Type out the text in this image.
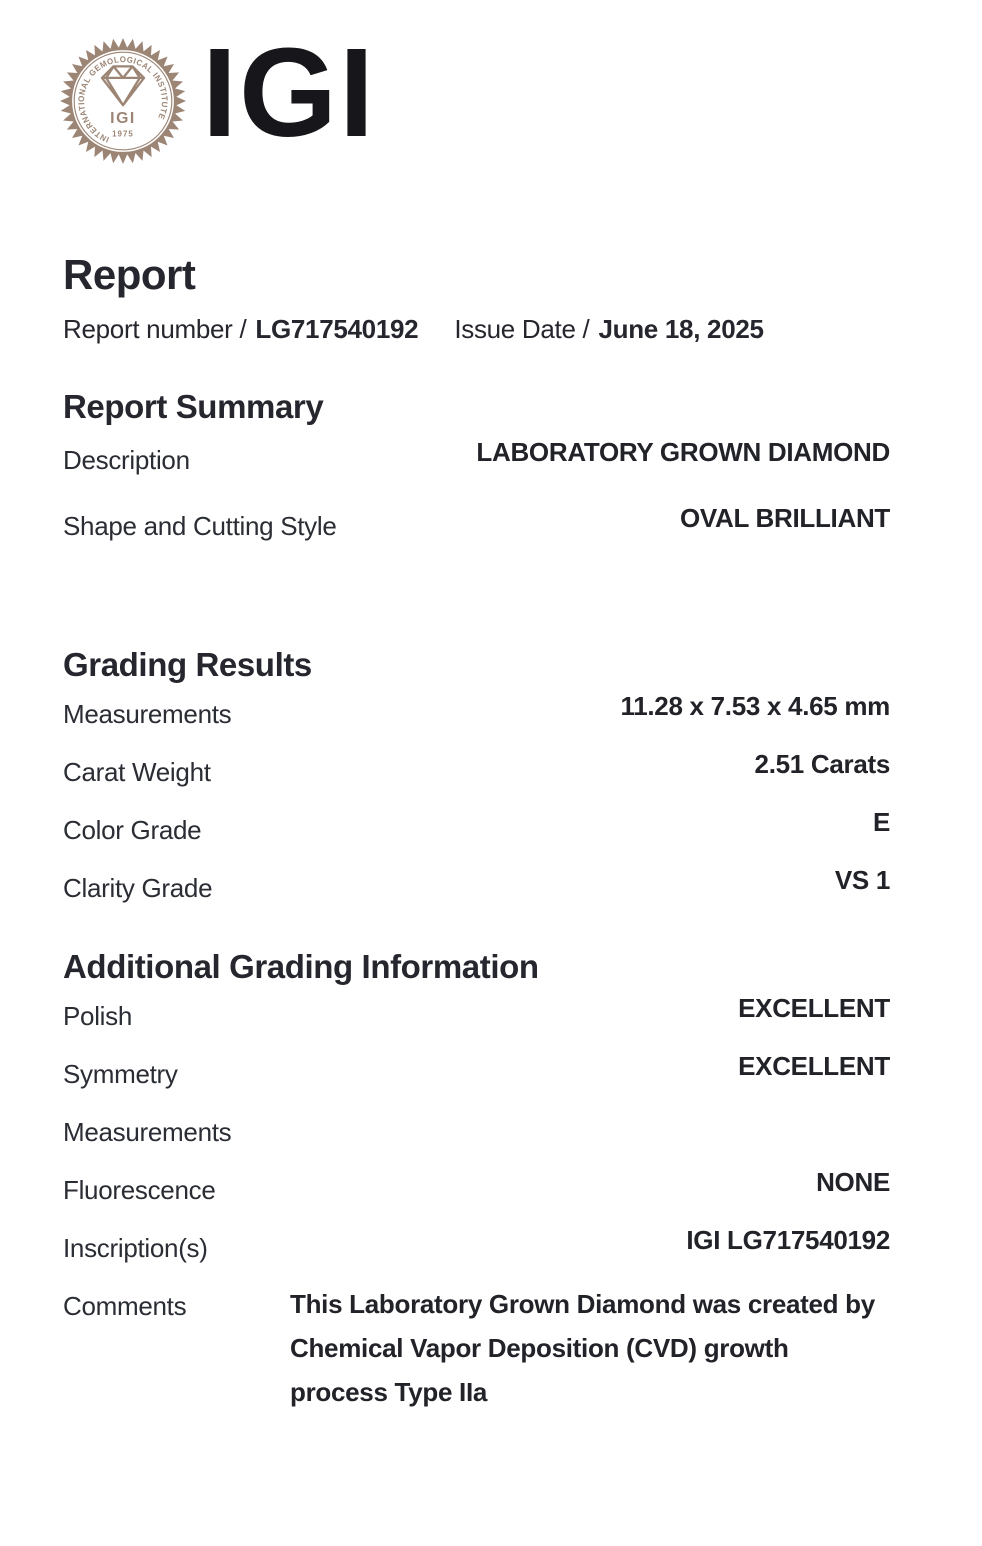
INTERNATIONAL GEMOLOGICAL INSTITUTE
IGI
1975 IGI
Report
Report number / LG717540192 Issue Date / June 18, 2025
Report Summary
Description	LABORATORY GROWN DIAMOND
Shape and Cutting Style	OVAL BRILLIANT
Grading Results
Measurements	11.28 x 7.53 x 4.65 mm
Carat Weight	2.51 Carats
Color Grade	E
Clarity Grade	VS 1
Additional Grading Information
Polish	EXCELLENT
Symmetry	EXCELLENT
Measurements
Fluorescence	NONE
Inscription(s)	IGI LG717540192
Comments	This Laboratory Grown Diamond was created by Chemical Vapor Deposition (CVD) growth process Type IIa
